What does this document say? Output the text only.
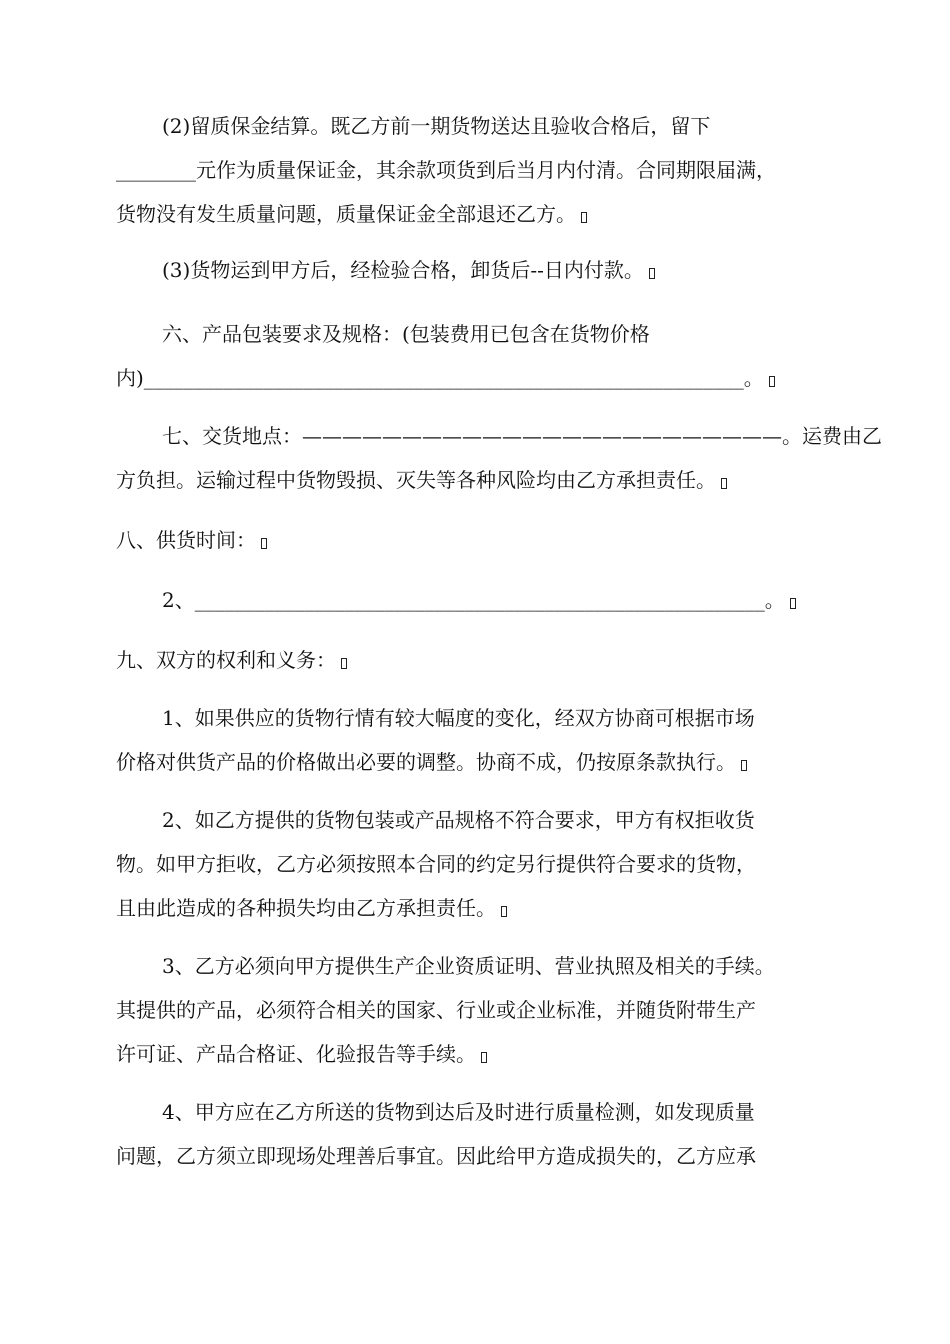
(2)留质保金结算。既乙方前一期货物送达且验收合格后，留下
________元作为质量保证金，其余款项货到后当月内付清。合同期限届满，
货物没有发生质量问题，质量保证金全部退还乙方。
(3)货物运到甲方后，经检验合格，卸货后--日内付款。
六、产品包装要求及规格：(包装费用已包含在货物价格
内)____________________________________________________________。
七、交货地点：————————————————————————。运费由乙
方负担。运输过程中货物毁损、灭失等各种风险均由乙方承担责任。
八、供货时间：
2、_________________________________________________________。
九、双方的权利和义务：
1、如果供应的货物行情有较大幅度的变化，经双方协商可根据市场
价格对供货产品的价格做出必要的调整。协商不成，仍按原条款执行。
2、如乙方提供的货物包装或产品规格不符合要求，甲方有权拒收货
物。如甲方拒收，乙方必须按照本合同的约定另行提供符合要求的货物，
且由此造成的各种损失均由乙方承担责任。
3、乙方必须向甲方提供生产企业资质证明、营业执照及相关的手续。
其提供的产品，必须符合相关的国家、行业或企业标准，并随货附带生产
许可证、产品合格证、化验报告等手续。
4、甲方应在乙方所送的货物到达后及时进行质量检测，如发现质量
问题，乙方须立即现场处理善后事宜。因此给甲方造成损失的，乙方应承
